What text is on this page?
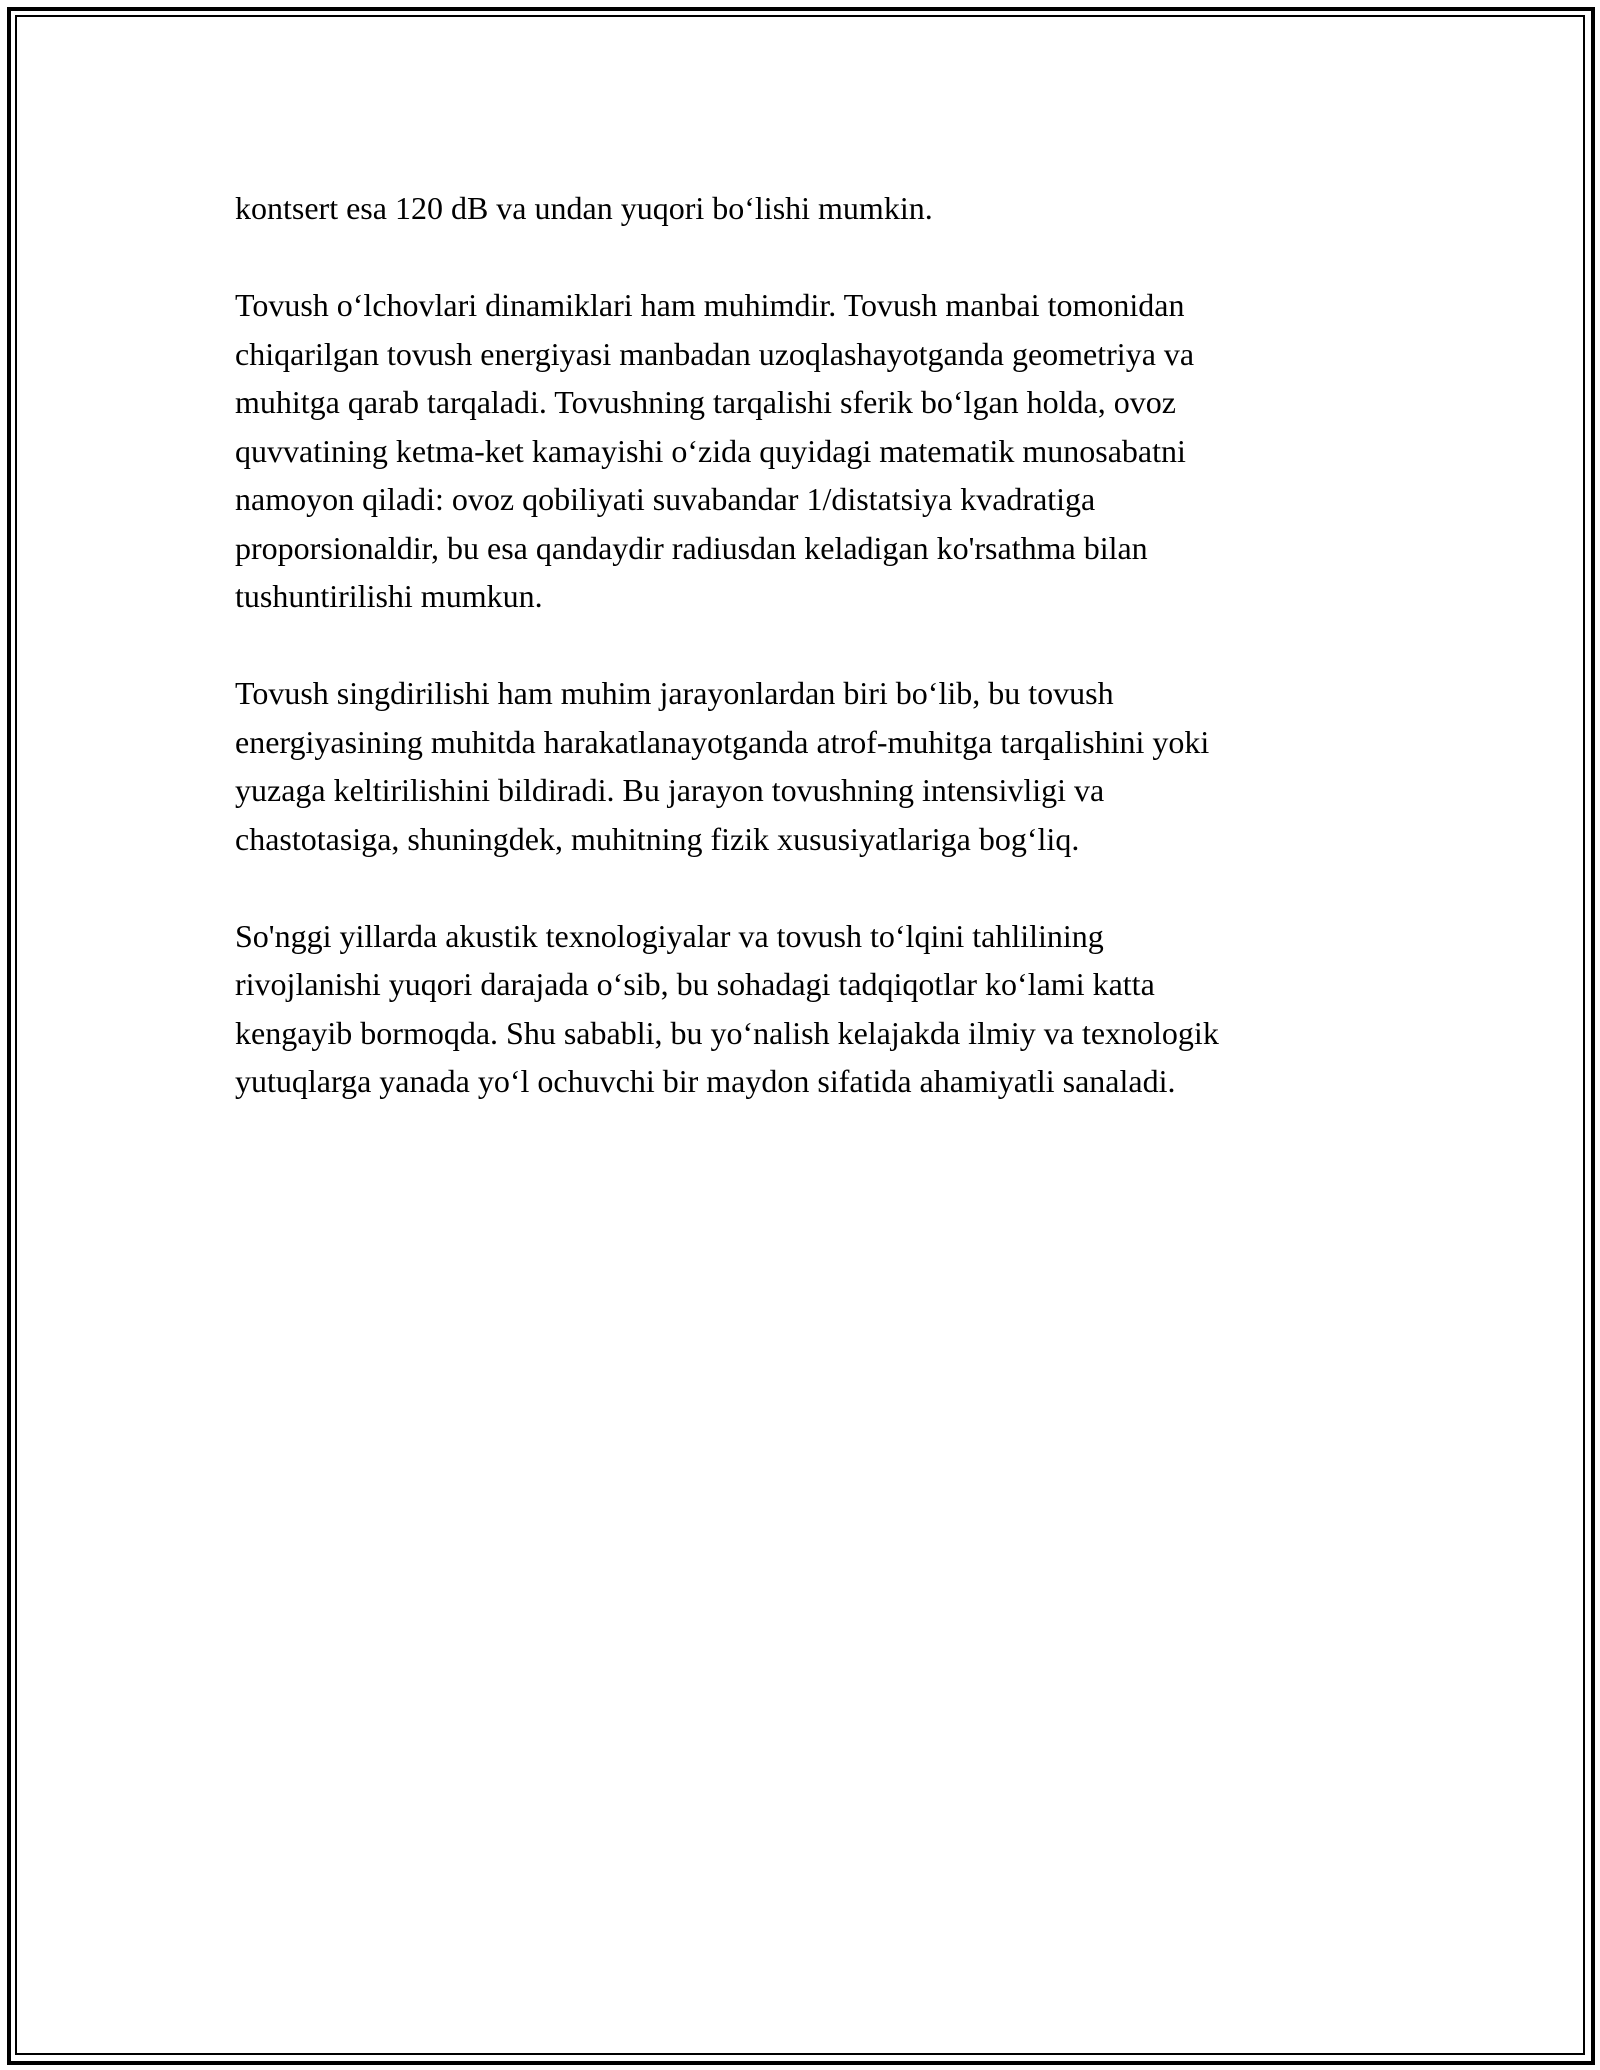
kontsert esa 120 dB va undan yuqori bo‘lishi mumkin.

Tovush o‘lchovlari dinamiklari ham muhimdir. Tovush manbai tomonidan
chiqarilgan tovush energiyasi manbadan uzoqlashayotganda geometriya va
muhitga qarab tarqaladi. Tovushning tarqalishi sferik bo‘lgan holda, ovoz
quvvatining ketma-ket kamayishi o‘zida quyidagi matematik munosabatni
namoyon qiladi: ovoz qobiliyati suvabandar 1/distatsiya kvadratiga
proporsionaldir, bu esa qandaydir radiusdan keladigan ko'rsathma bilan
tushuntirilishi mumkun.

Tovush singdirilishi ham muhim jarayonlardan biri bo‘lib, bu tovush
energiyasining muhitda harakatlanayotganda atrof-muhitga tarqalishini yoki
yuzaga keltirilishini bildiradi. Bu jarayon tovushning intensivligi va
chastotasiga, shuningdek, muhitning fizik xususiyatlariga bog‘liq.

So'nggi yillarda akustik texnologiyalar va tovush to‘lqini tahlilining
rivojlanishi yuqori darajada o‘sib, bu sohadagi tadqiqotlar ko‘lami katta
kengayib bormoqda. Shu sababli, bu yo‘nalish kelajakda ilmiy va texnologik
yutuqlarga yanada yo‘l ochuvchi bir maydon sifatida ahamiyatli sanaladi.
